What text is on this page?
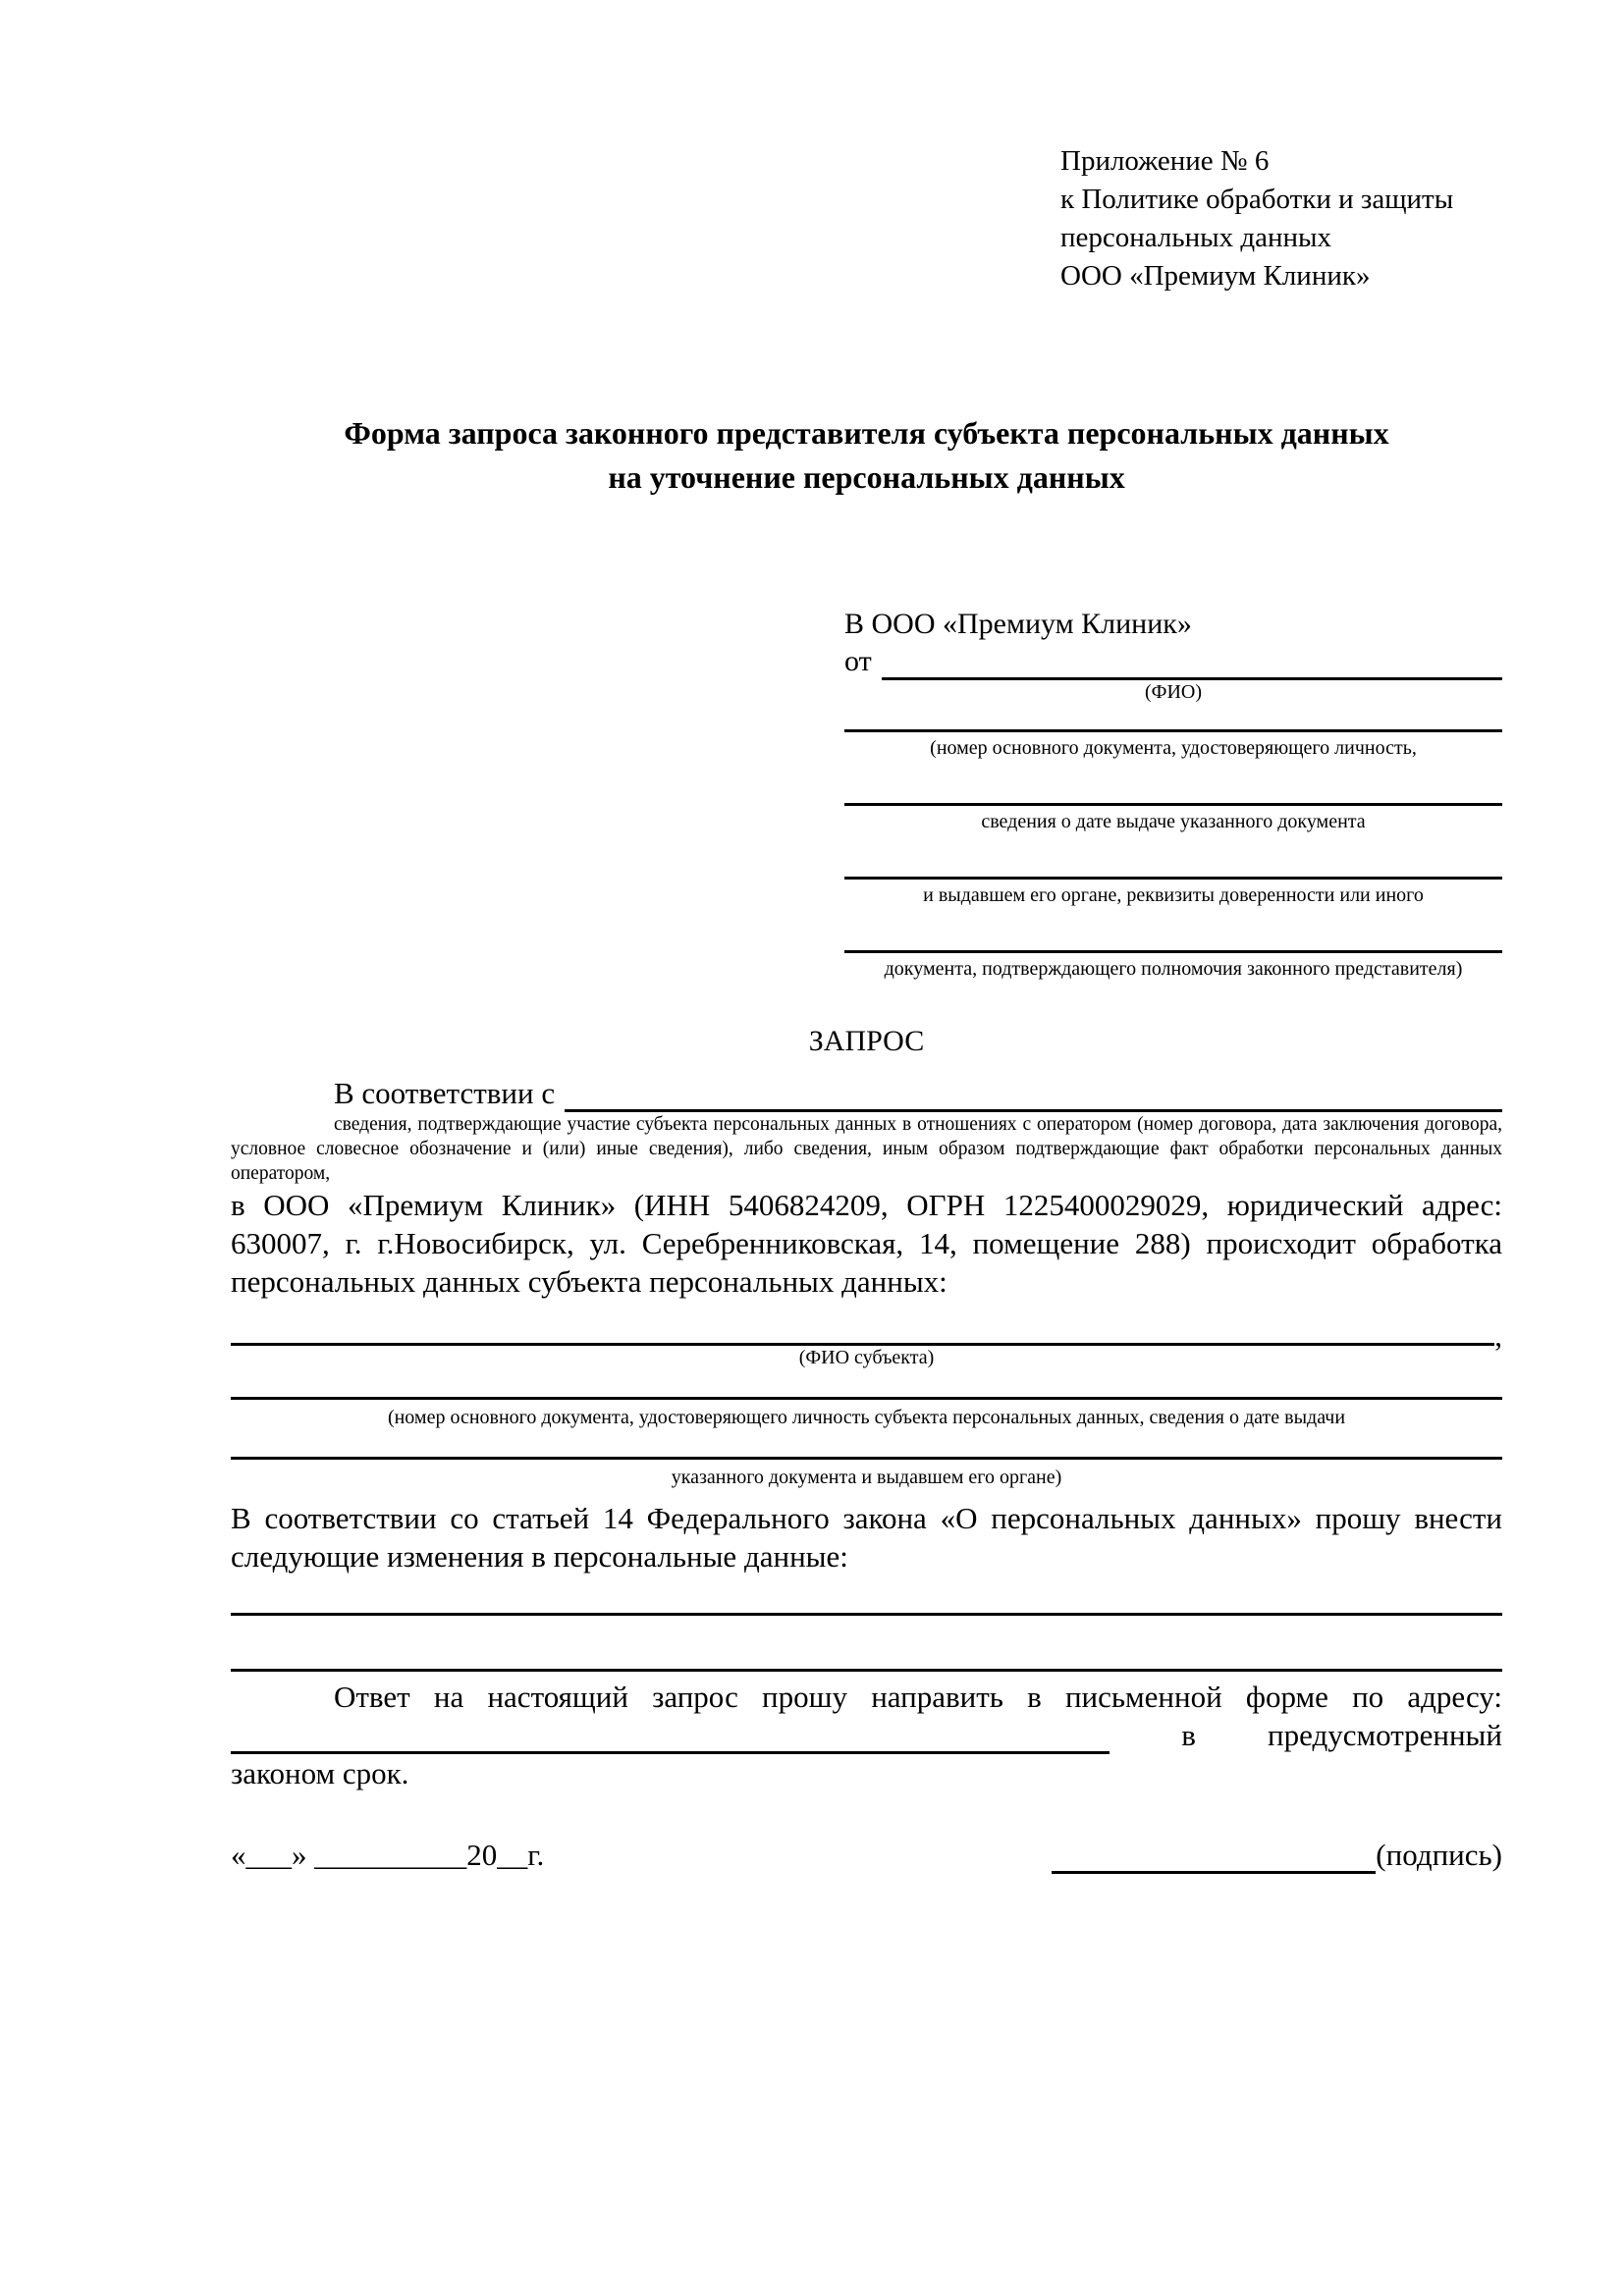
Приложение № 6
к Политике обработки и защиты
персональных данных
ООО «Премиум Клиник»
Форма запроса законного представителя субъекта персональных данных
на уточнение персональных данных
В ООО «Премиум Клиник»
от
(ФИО)
(номер основного документа, удостоверяющего личность,
сведения о дате выдаче указанного документа
и выдавшем его органе, реквизиты доверенности или иного
документа, подтверждающего полномочия законного представителя)
ЗАПРОС
В соответствии с

сведения, подтверждающие участие субъекта персональных данных в отношениях с оператором (номер договора, дата заключения договора, условное словесное обозначение и (или) иные сведения), либо сведения, иным образом подтверждающие факт обработки персональных данных оператором,

в ООО «Премиум Клиник» (ИНН 5406824209, ОГРН 1225400029029, юридический адрес: 630007, г. г.Новосибирск, ул. Серебренниковская, 14, помещение 288) происходит обработка персональных данных субъекта персональных данных:

,
(ФИО субъекта)
(номер основного документа, удостоверяющего личность субъекта персональных данных, сведения о дате выдачи
указанного документа и выдавшем его органе)

В соответствии со статьей 14 Федерального закона «О персональных данных» прошу внести следующие изменения в персональные данные:

Ответ на настоящий запрос прошу направить в письменной форме по адресу:
в предусмотренный
законом срок.
«___» __________20__г.	(подпись)
